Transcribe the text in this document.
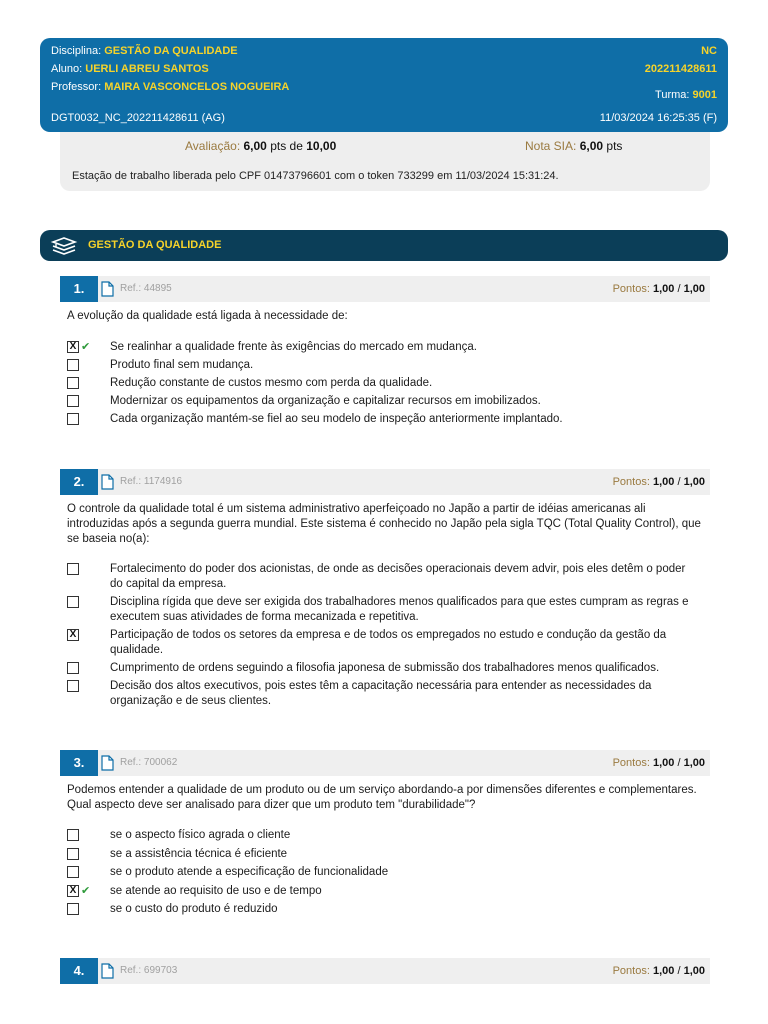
Disciplina: GESTÃO DA QUALIDADE	NC
Aluno: UERLI ABREU SANTOS	202211428611
Professor: MAIRA VASCONCELOS NOGUEIRA
Turma: 9001
DGT0032_NC_202211428611 (AG)	11/03/2024 16:25:35 (F)
Avaliação: 6,00 pts de 10,00	Nota SIA: 6,00 pts
Estação de trabalho liberada pelo CPF 01473796601 com o token 733299 em 11/03/2024 15:31:24.
GESTÃO DA QUALIDADE
1.	Ref.: 44895	Pontos: 1,00 / 1,00
A evolução da qualidade está ligada à necessidade de:
X ✔ Se realinhar a qualidade frente às exigências do mercado em mudança.
Produto final sem mudança.
Redução constante de custos mesmo com perda da qualidade.
Modernizar os equipamentos da organização e capitalizar recursos em imobilizados.
Cada organização mantém-se fiel ao seu modelo de inspeção anteriormente implantado.
2.	Ref.: 1174916	Pontos: 1,00 / 1,00
O controle da qualidade total é um sistema administrativo aperfeiçoado no Japão a partir de idéias americanas ali introduzidas após a segunda guerra mundial. Este sistema é conhecido no Japão pela sigla TQC (Total Quality Control), que se baseia no(a):
Fortalecimento do poder dos acionistas, de onde as decisões operacionais devem advir, pois eles detêm o poder do capital da empresa.
Disciplina rígida que deve ser exigida dos trabalhadores menos qualificados para que estes cumpram as regras e executem suas atividades de forma mecanizada e repetitiva.
X	Participação de todos os setores da empresa e de todos os empregados no estudo e condução da gestão da qualidade.
Cumprimento de ordens seguindo a filosofia japonesa de submissão dos trabalhadores menos qualificados.
Decisão dos altos executivos, pois estes têm a capacitação necessária para entender as necessidades da organização e de seus clientes.
3.	Ref.: 700062	Pontos: 1,00 / 1,00
Podemos entender a qualidade de um produto ou de um serviço abordando-a por dimensões diferentes e complementares. Qual aspecto deve ser analisado para dizer que um produto tem "durabilidade"?
se o aspecto físico agrada o cliente
se a assistência técnica é eficiente
se o produto atende a especificação de funcionalidade
X ✔ se atende ao requisito de uso e de tempo
se o custo do produto é reduzido
4.	Ref.: 699703	Pontos: 1,00 / 1,00
